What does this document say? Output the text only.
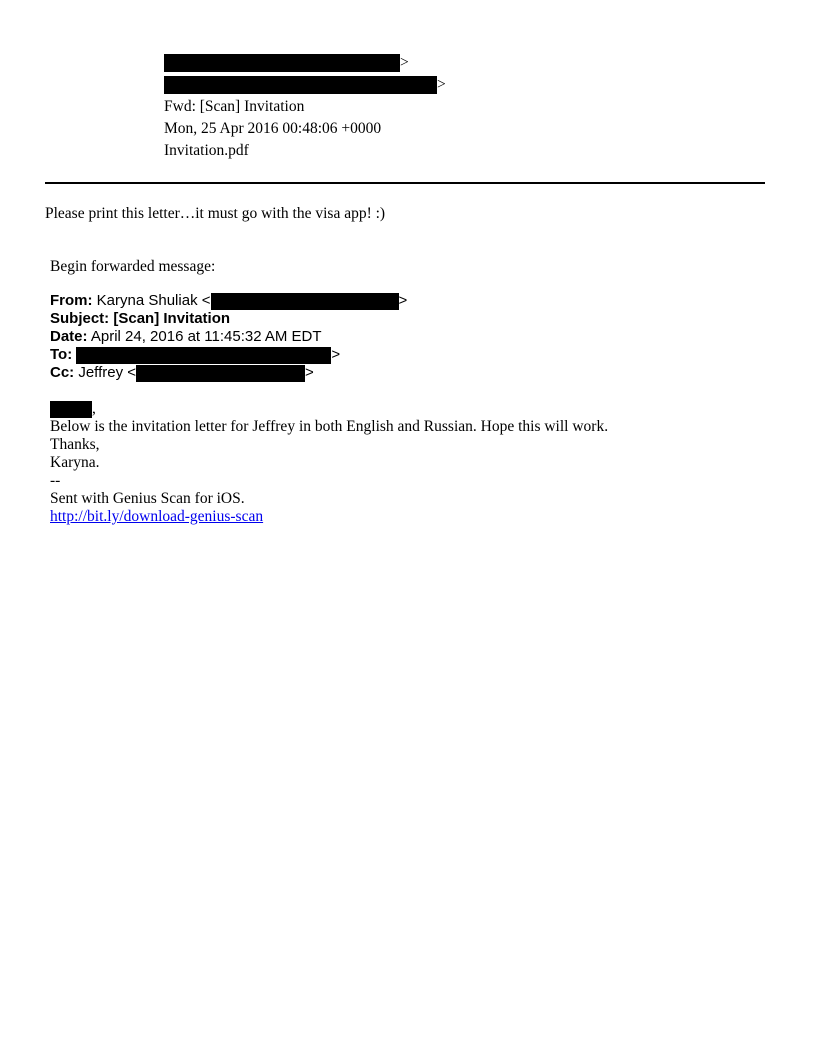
>
>
Fwd: [Scan] Invitation
Mon, 25 Apr 2016 00:48:06 +0000
Invitation.pdf
Please print this letter…it must go with the visa app! :)
Begin forwarded message:
From: Karyna Shuliak <	>
Subject: [Scan] Invitation
Date: April 24, 2016 at 11:45:32 AM EDT
To:	>
Cc: Jeffrey <	>
,
Below is the invitation letter for Jeffrey in both English and Russian. Hope this will work.
Thanks,
Karyna.
--
Sent with Genius Scan for iOS.
http://bit.ly/download-genius-scan
